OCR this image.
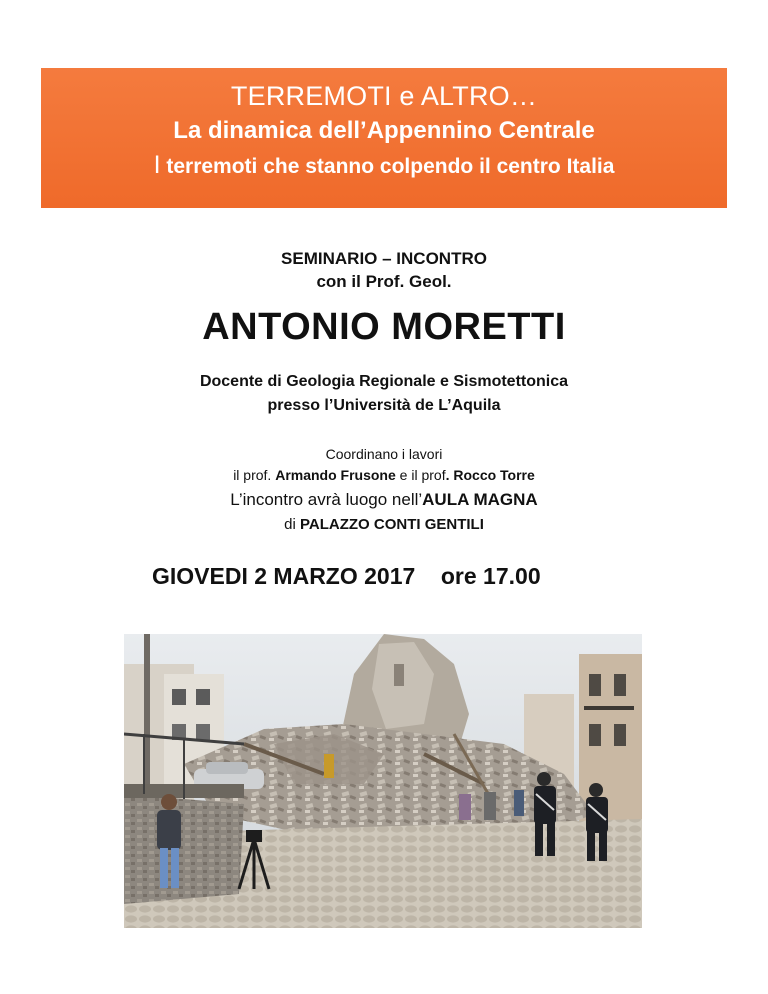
TERREMOTI e ALTRO…
La dinamica dell’Appennino Centrale
I terremoti che stanno colpendo il centro Italia
SEMINARIO – INCONTRO
con il Prof. Geol.
ANTONIO MORETTI
Docente di Geologia Regionale e Sismotettonica
presso l’Università de L’Aquila
Coordinano i lavori
il prof. Armando Frusone e il prof. Rocco Torre
L’incontro avrà luogo nell’AULA MAGNA
di PALAZZO CONTI GENTILI
GIOVEDI 2 MARZO 2017 ore 17.00
